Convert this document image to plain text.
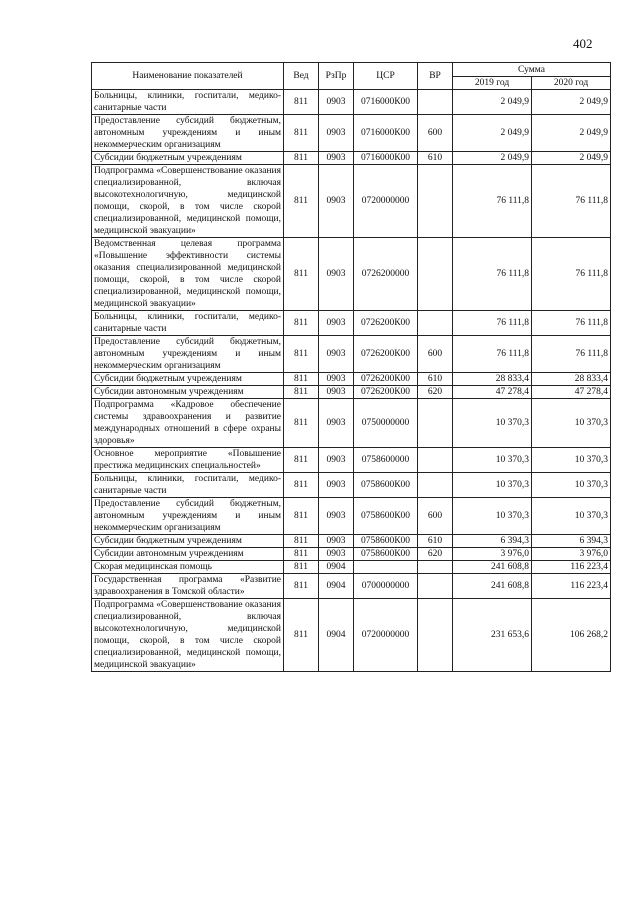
402
Наименование показателей	Вед	РзПр	ЦСР	ВР	Сумма	
					2019 год	2020 год
Больницы, клиники, госпитали, медико-санитарные части	811	0903	0716000К00		2 049,9	2 049,9
Предоставление субсидий бюджетным, автономным учреждениям и иным некоммерческим организациям	811	0903	0716000К00	600	2 049,9	2 049,9
Субсидии бюджетным учреждениям	811	0903	0716000К00	610	2 049,9	2 049,9
Подпрограмма «Совершенствование оказания специализированной, включая высокотехнологичную, медицинской помощи, скорой, в том числе скорой специализированной, медицинской помощи, медицинской эвакуации»	811	0903	0720000000		76 111,8	76 111,8
Ведомственная целевая программа «Повышение эффективности системы оказания специализированной медицинской помощи, скорой, в том числе скорой специализированной, медицинской помощи, медицинской эвакуации»	811	0903	0726200000		76 111,8	76 111,8
Больницы, клиники, госпитали, медико-санитарные части	811	0903	0726200К00		76 111,8	76 111,8
Предоставление субсидий бюджетным, автономным учреждениям и иным некоммерческим организациям	811	0903	0726200К00	600	76 111,8	76 111,8
Субсидии бюджетным учреждениям	811	0903	0726200К00	610	28 833,4	28 833,4
Субсидии автономным учреждениям	811	0903	0726200К00	620	47 278,4	47 278,4
Подпрограмма «Кадровое обеспечение системы здравоохранения и развитие международных отношений в сфере охраны здоровья»	811	0903	0750000000		10 370,3	10 370,3
Основное мероприятие «Повышение престижа медицинских специальностей»	811	0903	0758600000		10 370,3	10 370,3
Больницы, клиники, госпитали, медико-санитарные части	811	0903	0758600К00		10 370,3	10 370,3
Предоставление субсидий бюджетным, автономным учреждениям и иным некоммерческим организациям	811	0903	0758600К00	600	10 370,3	10 370,3
Субсидии бюджетным учреждениям	811	0903	0758600К00	610	6 394,3	6 394,3
Субсидии автономным учреждениям	811	0903	0758600К00	620	3 976,0	3 976,0
Скорая медицинская помощь	811	0904			241 608,8	116 223,4
Государственная программа «Развитие здравоохранения в Томской области»	811	0904	0700000000		241 608,8	116 223,4
Подпрограмма «Совершенствование оказания специализированной, включая высокотехнологичную, медицинской помощи, скорой, в том числе скорой специализированной, медицинской помощи, медицинской эвакуации»	811	0904	0720000000		231 653,6	106 268,2
